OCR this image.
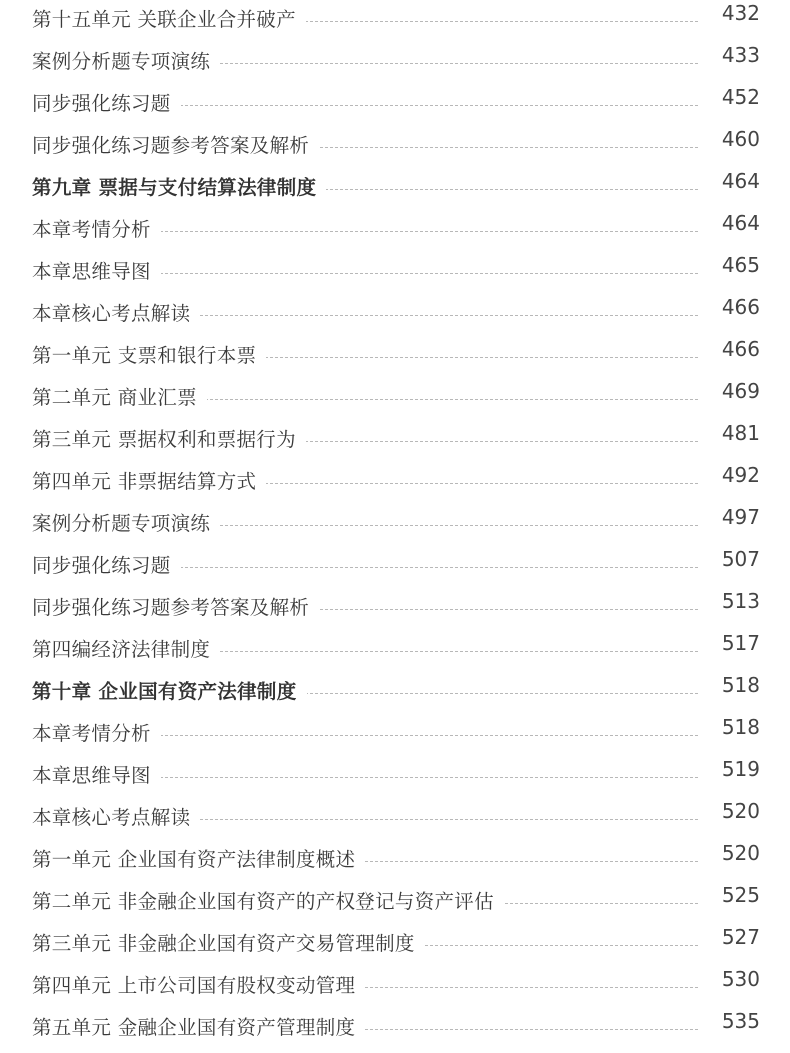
第十五单元 关联企业合并破产	432
案例分析题专项演练	433
同步强化练习题	452
同步强化练习题参考答案及解析	460
第九章 票据与支付结算法律制度	464
本章考情分析	464
本章思维导图	465
本章核心考点解读	466
第一单元 支票和银行本票	466
第二单元 商业汇票	469
第三单元 票据权利和票据行为	481
第四单元 非票据结算方式	492
案例分析题专项演练	497
同步强化练习题	507
同步强化练习题参考答案及解析	513
第四编经济法律制度	517
第十章 企业国有资产法律制度	518
本章考情分析	518
本章思维导图	519
本章核心考点解读	520
第一单元 企业国有资产法律制度概述	520
第二单元 非金融企业国有资产的产权登记与资产评估	525
第三单元 非金融企业国有资产交易管理制度	527
第四单元 上市公司国有股权变动管理	530
第五单元 金融企业国有资产管理制度	535
